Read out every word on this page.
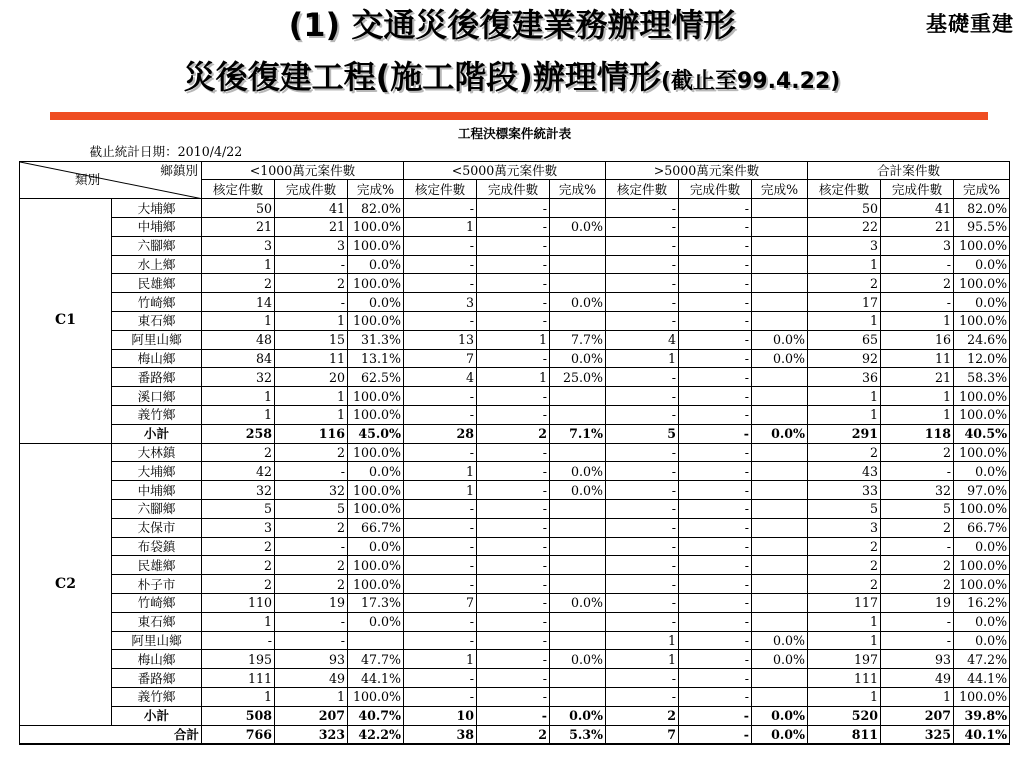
(1) 交通災後復建業務辦理情形	基礎重建
災後復建工程(施工階段)辦理情形(截止至99.4.22)
工程決標案件統計表													
截止統計日期：2010/4/22													

類別
鄉鎮別		<1000萬元案件數			<5000萬元案件數			>5000萬元案件數			合計案件數		
		核定件數	完成件數	完成%	核定件數	完成件數	完成%	核定件數	完成件數	完成%	核定件數	完成件數	完成%
C1	大埔鄉	50	41	82.0%	-	-		-	-		50	41	82.0%
	中埔鄉	21	21	100.0%	1	-	0.0%	-	-		22	21	95.5%
	六腳鄉	3	3	100.0%	-	-		-	-		3	3	100.0%
	水上鄉	1	-	0.0%	-	-		-	-		1	-	0.0%
	民雄鄉	2	2	100.0%	-	-		-	-		2	2	100.0%
	竹崎鄉	14	-	0.0%	3	-	0.0%	-	-		17	-	0.0%
	東石鄉	1	1	100.0%	-	-		-	-		1	1	100.0%
	阿里山鄉	48	15	31.3%	13	1	7.7%	4	-	0.0%	65	16	24.6%
	梅山鄉	84	11	13.1%	7	-	0.0%	1	-	0.0%	92	11	12.0%
	番路鄉	32	20	62.5%	4	1	25.0%	-	-		36	21	58.3%
	溪口鄉	1	1	100.0%	-	-		-	-		1	1	100.0%
	義竹鄉	1	1	100.0%	-	-		-	-		1	1	100.0%
	小計	258	116	45.0%	28	2	7.1%	5	-	0.0%	291	118	40.5%
C2	大林鎮	2	2	100.0%	-	-		-	-		2	2	100.0%
	大埔鄉	42	-	0.0%	1	-	0.0%	-	-		43	-	0.0%
	中埔鄉	32	32	100.0%	1	-	0.0%	-	-		33	32	97.0%
	六腳鄉	5	5	100.0%	-	-		-	-		5	5	100.0%
	太保市	3	2	66.7%	-	-		-	-		3	2	66.7%
	布袋鎮	2	-	0.0%	-	-		-	-		2	-	0.0%
	民雄鄉	2	2	100.0%	-	-		-	-		2	2	100.0%
	朴子市	2	2	100.0%	-	-		-	-		2	2	100.0%
	竹崎鄉	110	19	17.3%	7	-	0.0%	-	-		117	19	16.2%
	東石鄉	1	-	0.0%	-	-		-	-		1	-	0.0%
	阿里山鄉	-	-		-	-		1	-	0.0%	1	-	0.0%
	梅山鄉	195	93	47.7%	1	-	0.0%	1	-	0.0%	197	93	47.2%
	番路鄉	111	49	44.1%	-	-		-	-		111	49	44.1%
	義竹鄉	1	1	100.0%	-	-		-	-		1	1	100.0%
	小計	508	207	40.7%	10	-	0.0%	2	-	0.0%	520	207	39.8%
合計		766	323	42.2%	38	2	5.3%	7	-	0.0%	811	325	40.1%
